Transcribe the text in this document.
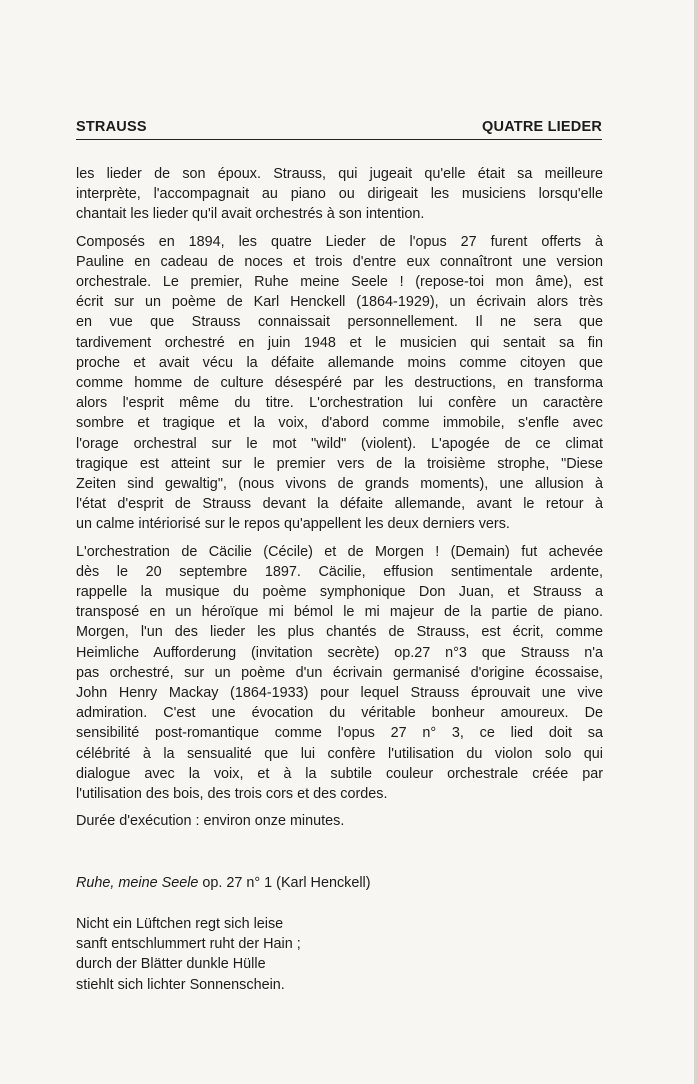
STRAUSS	QUATRE LIEDER

les lieder de son époux. Strauss, qui jugeait qu'elle était sa meilleure
interprète, l'accompagnait au piano ou dirigeait les musiciens lorsqu'elle
chantait les lieder qu'il avait orchestrés à son intention.

Composés en 1894, les quatre Lieder de l'opus 27 furent offerts à
Pauline en cadeau de noces et trois d'entre eux connaîtront une version
orchestrale. Le premier, Ruhe meine Seele ! (repose-toi mon âme), est
écrit sur un poème de Karl Henckell (1864-1929), un écrivain alors très
en vue que Strauss connaissait personnellement. Il ne sera que
tardivement orchestré en juin 1948 et le musicien qui sentait sa fin
proche et avait vécu la défaite allemande moins comme citoyen que
comme homme de culture désespéré par les destructions, en transforma
alors l'esprit même du titre. L'orchestration lui confère un caractère
sombre et tragique et la voix, d'abord comme immobile, s'enfle avec
l'orage orchestral sur le mot "wild" (violent). L'apogée de ce climat
tragique est atteint sur le premier vers de la troisième strophe, "Diese
Zeiten sind gewaltig", (nous vivons de grands moments), une allusion à
l'état d'esprit de Strauss devant la défaite allemande, avant le retour à
un calme intériorisé sur le repos qu'appellent les deux derniers vers.

L'orchestration de Cäcilie (Cécile) et de Morgen ! (Demain) fut achevée
dès le 20 septembre 1897. Cäcilie, effusion sentimentale ardente,
rappelle la musique du poème symphonique Don Juan, et Strauss a
transposé en un héroïque mi bémol le mi majeur de la partie de piano.
Morgen, l'un des lieder les plus chantés de Strauss, est écrit, comme
Heimliche Aufforderung (invitation secrète) op.27 n°3 que Strauss n'a
pas orchestré, sur un poème d'un écrivain germanisé d'origine écossaise,
John Henry Mackay (1864-1933) pour lequel Strauss éprouvait une vive
admiration. C'est une évocation du véritable bonheur amoureux. De
sensibilité post-romantique comme l'opus 27 n° 3, ce lied doit sa
célébrité à la sensualité que lui confère l'utilisation du violon solo qui
dialogue avec la voix, et à la subtile couleur orchestrale créée par
l'utilisation des bois, des trois cors et des cordes.

Durée d'exécution : environ onze minutes.

Ruhe, meine Seele op. 27 n° 1 (Karl Henckell)
Nicht ein Lüftchen regt sich leise
sanft entschlummert ruht der Hain ;
durch der Blätter dunkle Hülle
stiehlt sich lichter Sonnenschein.
